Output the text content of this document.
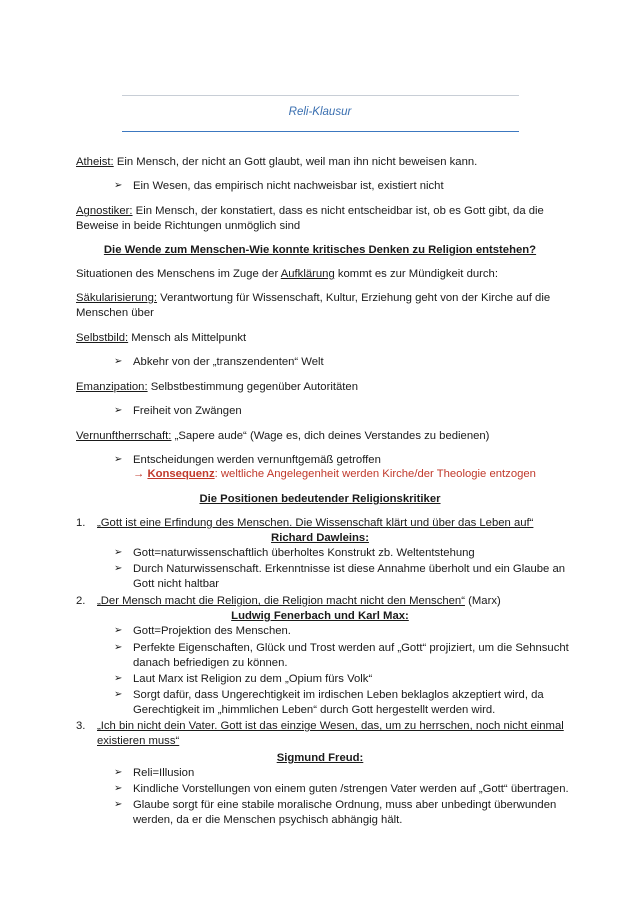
Reli-Klausur
Atheist: Ein Mensch, der nicht an Gott glaubt, weil man ihn nicht beweisen kann.
➢ Ein Wesen, das empirisch nicht nachweisbar ist, existiert nicht
Agnostiker: Ein Mensch, der konstatiert, dass es nicht entscheidbar ist, ob es Gott gibt, da die
Beweise in beide Richtungen unmöglich sind
Die Wende zum Menschen-Wie konnte kritisches Denken zu Religion entstehen?
Situationen des Menschens im Zuge der Aufklärung kommt es zur Mündigkeit durch:
Säkularisierung: Verantwortung für Wissenschaft, Kultur, Erziehung geht von der Kirche auf die
Menschen über
Selbstbild: Mensch als Mittelpunkt
➢ Abkehr von der „transzendenten“ Welt
Emanzipation: Selbstbestimmung gegenüber Autoritäten
➢ Freiheit von Zwängen
Vernunftherrschaft: „Sapere aude“ (Wage es, dich deines Verstandes zu bedienen)
➢ Entscheidungen werden vernunftgemäß getroffen
→ Konsequenz: weltliche Angelegenheit werden Kirche/der Theologie entzogen
Die Positionen bedeutender Religionskritiker
1. „Gott ist eine Erfindung des Menschen. Die Wissenschaft klärt und über das Leben auf“
Richard Dawleins:
➢ Gott=naturwissenschaftlich überholtes Konstrukt zb. Weltentstehung
➢ Durch Naturwissenschaft. Erkenntnisse ist diese Annahme überholt und ein Glaube an
Gott nicht haltbar
2. „Der Mensch macht die Religion, die Religion macht nicht den Menschen“ (Marx)
Ludwig Fenerbach und Karl Max:
➢ Gott=Projektion des Menschen.
➢ Perfekte Eigenschaften, Glück und Trost werden auf „Gott“ projiziert, um die Sehnsucht
danach befriedigen zu können.
➢ Laut Marx ist Religion zu dem „Opium fürs Volk“
➢ Sorgt dafür, dass Ungerechtigkeit im irdischen Leben beklaglos akzeptiert wird, da
Gerechtigkeit im „himmlichen Leben“ durch Gott hergestellt werden wird.
3. „Ich bin nicht dein Vater. Gott ist das einzige Wesen, das, um zu herrschen, noch nicht einmal
existieren muss“
Sigmund Freud:
➢ Reli=Illusion
➢ Kindliche Vorstellungen von einem guten /strengen Vater werden auf „Gott“ übertragen.
➢ Glaube sorgt für eine stabile moralische Ordnung, muss aber unbedingt überwunden
werden, da er die Menschen psychisch abhängig hält.
